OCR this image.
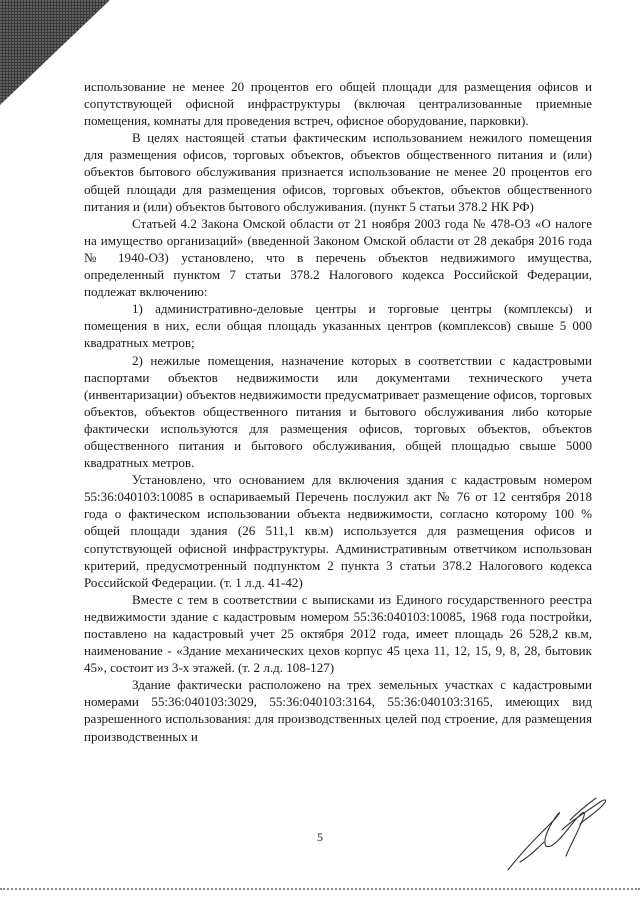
использование не менее 20 процентов его общей площади для размещения офисов и сопутствующей офисной инфраструктуры (включая централизованные приемные помещения, комнаты для проведения встреч, офисное оборудование, парковки).

В целях настоящей статьи фактическим использованием нежилого помещения для размещения офисов, торговых объектов, объектов общественного питания и (или) объектов бытового обслуживания признается использование не менее 20 процентов его общей площади для размещения офисов, торговых объектов, объектов общественного питания и (или) объектов бытового обслуживания. (пункт 5 статьи 378.2 НК РФ)

Статьей 4.2 Закона Омской области от 21 ноября 2003 года № 478-ОЗ «О налоге на имущество организаций» (введенной Законом Омской области от 28 декабря 2016 года № 1940-ОЗ) установлено, что в перечень объектов недвижимого имущества, определенный пунктом 7 статьи 378.2 Налогового кодекса Российской Федерации, подлежат включению:

1) административно-деловые центры и торговые центры (комплексы) и помещения в них, если общая площадь указанных центров (комплексов) свыше 5 000 квадратных метров;

2) нежилые помещения, назначение которых в соответствии с кадастровыми паспортами объектов недвижимости или документами технического учета (инвентаризации) объектов недвижимости предусматривает размещение офисов, торговых объектов, объектов общественного питания и бытового обслуживания либо которые фактически используются для размещения офисов, торговых объектов, объектов общественного питания и бытового обслуживания, общей площадью свыше 5000 квадратных метров.

Установлено, что основанием для включения здания с кадастровым номером 55:36:040103:10085 в оспариваемый Перечень послужил акт № 76 от 12 сентября 2018 года о фактическом использовании объекта недвижимости, согласно которому 100 % общей площади здания (26 511,1 кв.м) используется для размещения офисов и сопутствующей офисной инфраструктуры. Административным ответчиком использован критерий, предусмотренный подпунктом 2 пункта 3 статьи 378.2 Налогового кодекса Российской Федерации. (т. 1 л.д. 41-42)

Вместе с тем в соответствии с выписками из Единого государственного реестра недвижимости здание с кадастровым номером 55:36:040103:10085, 1968 года постройки, поставлено на кадастровый учет 25 октября 2012 года, имеет площадь 26 528,2 кв.м, наименование - «Здание механических цехов корпус 45 цеха 11, 12, 15, 9, 8, 28, бытовик 45», состоит из 3-х этажей. (т. 2 л.д. 108-127)

Здание фактически расположено на трех земельных участках с кадастровыми номерами 55:36:040103:3029, 55:36:040103:3164, 55:36:040103:3165, имеющих вид разрешенного использования: для производственных целей под строение, для размещения производственных и

5
